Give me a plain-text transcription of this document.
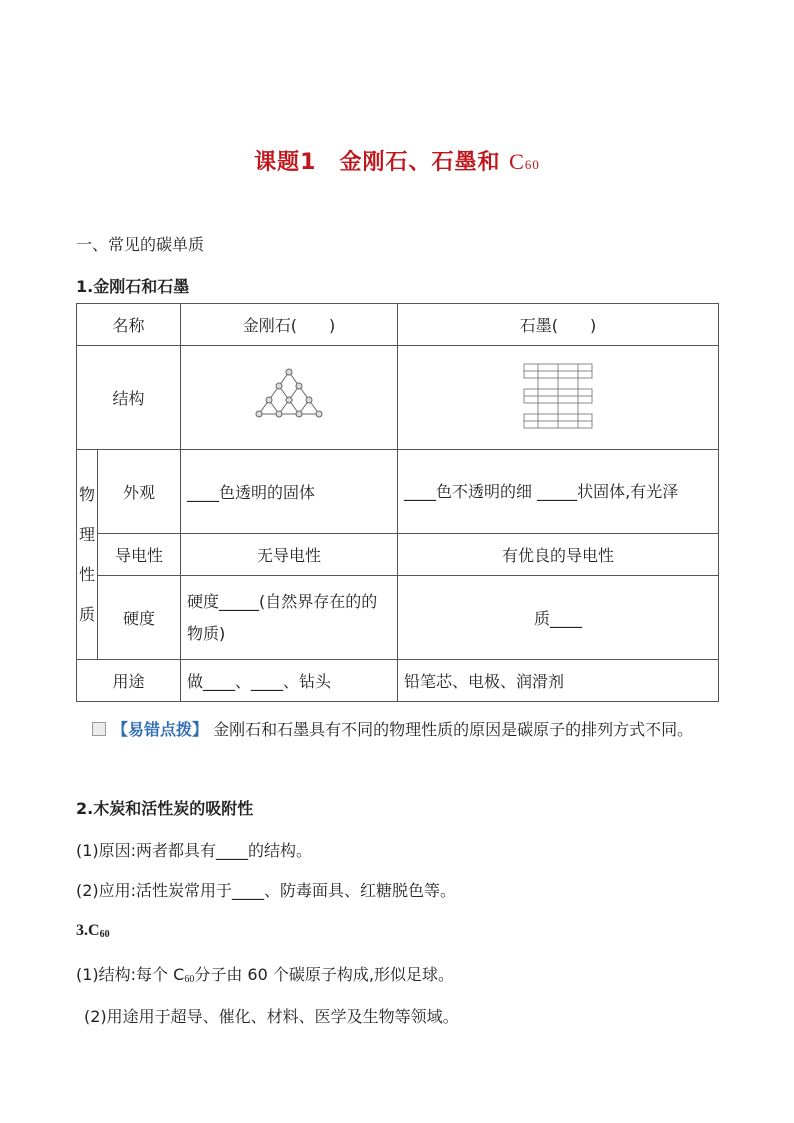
课题1　金刚石、石墨和 C60
一、常见的碳单质
1.金刚石和石墨
名称		金刚石(　　)	石墨(　　)
结构		
物理性质	外观	____色透明的固体	____色不透明的细 _____状固体,有光泽
	导电性	无导电性	有优良的导电性
	硬度	硬度_____(自然界存在的的物质)	质____
用途		做____、____、钻头	铅笔芯、电极、润滑剂
【易错点拨】 金刚石和石墨具有不同的物理性质的原因是碳原子的排列方式不同。
2.木炭和活性炭的吸附性
(1)原因:两者都具有____的结构。
(2)应用:活性炭常用于____、防毒面具、红糖脱色等。
3.C60
(1)结构:每个 C60分子由 60 个碳原子构成,形似足球。
(2)用途用于超导、催化、材料、医学及生物等领域。
